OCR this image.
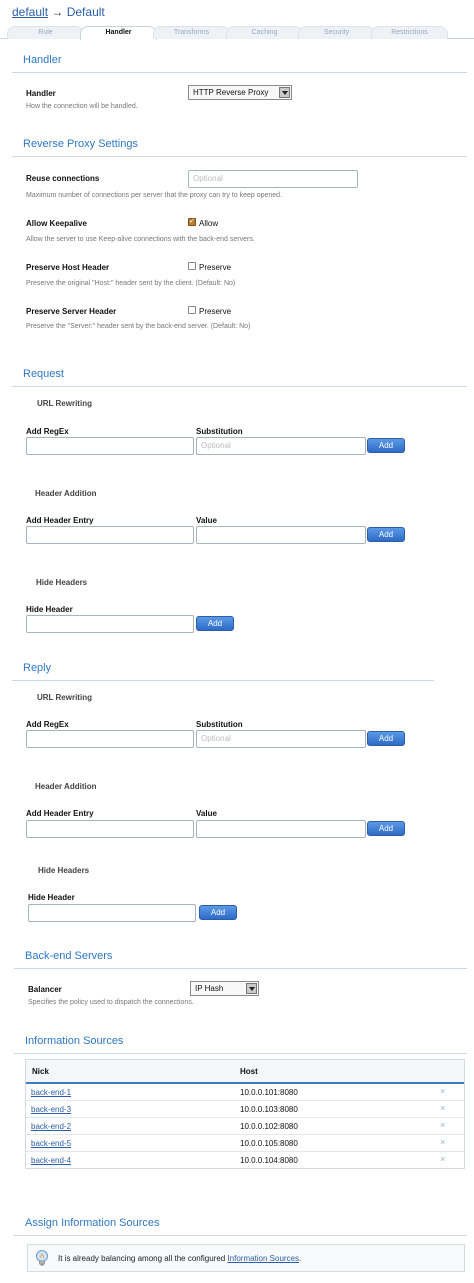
default → Default
Rule	Handler	Transforms	Caching	Security	Restrictions
Handler
Handler
How the connection will be handled.
HTTP Reverse Proxy
Reverse Proxy Settings
Reuse connections	Optional
Maximum number of connections per server that the proxy can try to keep opened.
Allow Keepalive
✓	Allow
Allow the server to use Keep-alive connections with the back-end servers.
Preserve Host Header	Preserve
Preserve the original "Host:" header sent by the client. (Default: No)
Preserve Server Header	Preserve
Preserve the "Server:" header sent by the back-end server. (Default: No)
Request
URL Rewriting
Add RegEx	Substitution
Optional	Add
Header Addition
Add Header Entry	Value
Add
Hide Headers
Hide Header
Add
Reply
URL Rewriting
Add RegEx	Substitution
Optional	Add
Header Addition
Add Header Entry	Value
Add
Hide Headers
Hide Header
Add
Back-end Servers
Balancer	IP Hash
Specifies the policy used to dispatch the connections.
Information Sources
Nick	Host
back-end-1	10.0.0.101:8080	×
back-end-3	10.0.0.103:8080	×
back-end-2	10.0.0.102:8080	×
back-end-5	10.0.0.105:8080	×
back-end-4	10.0.0.104:8080	×
Assign Information Sources
It is already balancing among all the configured Information Sources.
